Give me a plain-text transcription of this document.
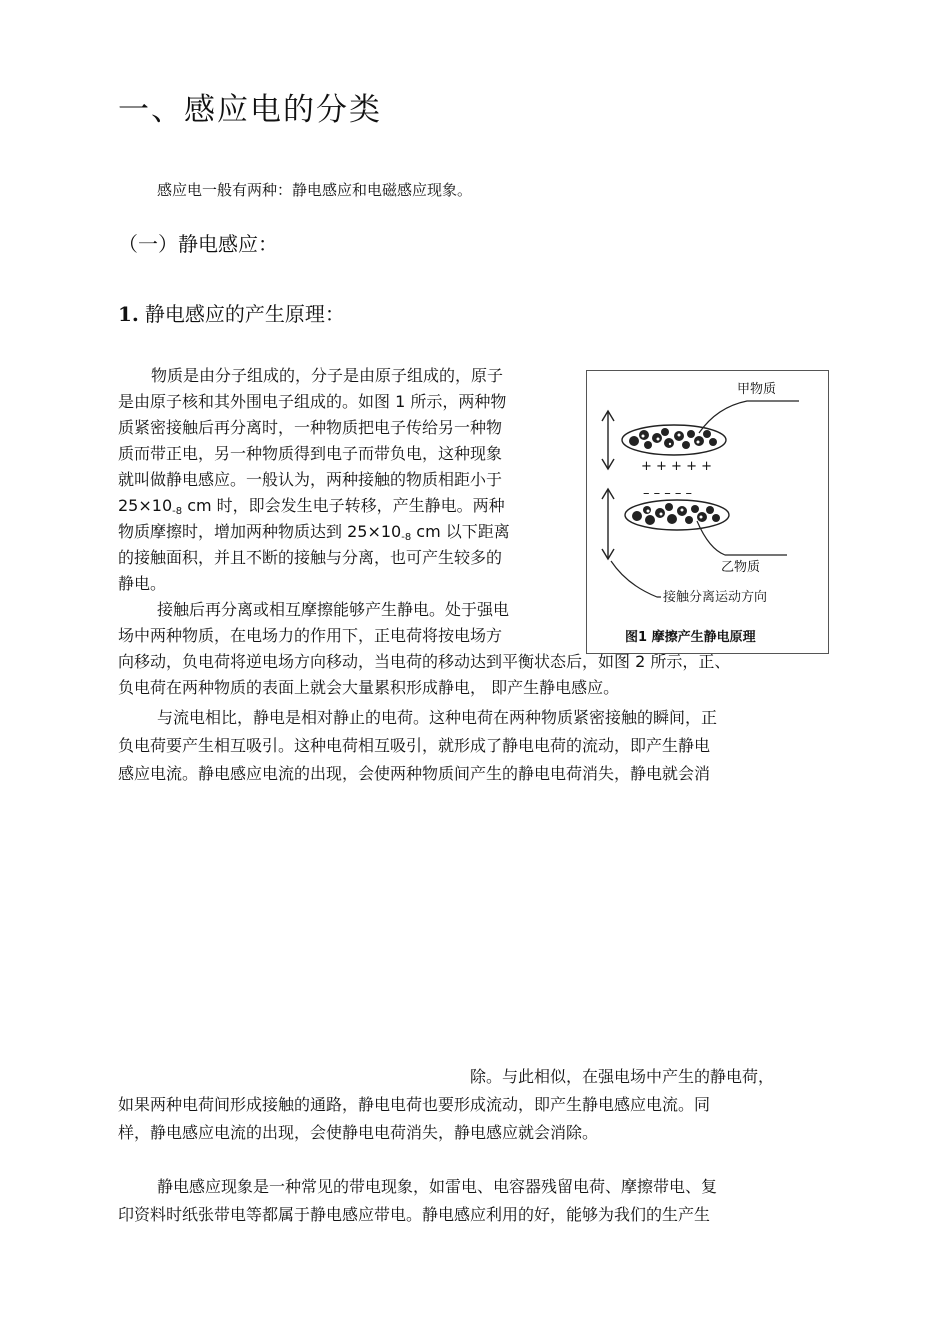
一、感应电的分类
感应电一般有两种：静电感应和电磁感应现象。
（一）静电感应：
1. 静电感应的产生原理：
物质是由分子组成的，分子是由原子组成的，原子
是由原子核和其外围电子组成的。如图 1 所示，两种物
质紧密接触后再分离时，一种物质把电子传给另一种物
质而带正电，另一种物质得到电子而带负电，这种现象
就叫做静电感应。一般认为，两种接触的物质相距小于
25×10-8 cm 时，即会发生电子转移，产生静电。两种
物质摩擦时，增加两种物质达到 25×10-8 cm 以下距离
的接触面积，并且不断的接触与分离，也可产生较多的
静电。
接触后再分离或相互摩擦能够产生静电。处于强电
场中两种物质，在电场力的作用下，正电荷将按电场方
向移动，负电荷将逆电场方向移动，当电荷的移动达到平衡状态后，如图 2 所示，正、
负电荷在两种物质的表面上就会大量累积形成静电， 即产生静电感应。
与流电相比，静电是相对静止的电荷。这种电荷在两种物质紧密接触的瞬间，正
负电荷要产生相互吸引。这种电荷相互吸引，就形成了静电电荷的流动，即产生静电
感应电流。静电感应电流的出现，会使两种物质间产生的静电电荷消失，静电就会消
除。与此相似，在强电场中产生的静电荷，
如果两种电荷间形成接触的通路，静电电荷也要形成流动，即产生静电感应电流。同
样，静电感应电流的出现，会使静电电荷消失，静电感应就会消除。
静电感应现象是一种常见的带电现象，如雷电、电容器残留电荷、摩擦带电、复
印资料时纸张带电等都属于静电感应带电。静电感应利用的好，能够为我们的生产生
+ + + + +
– – – – –
甲物质
乙物质
接触分离运动方向
图1 摩擦产生静电原理
